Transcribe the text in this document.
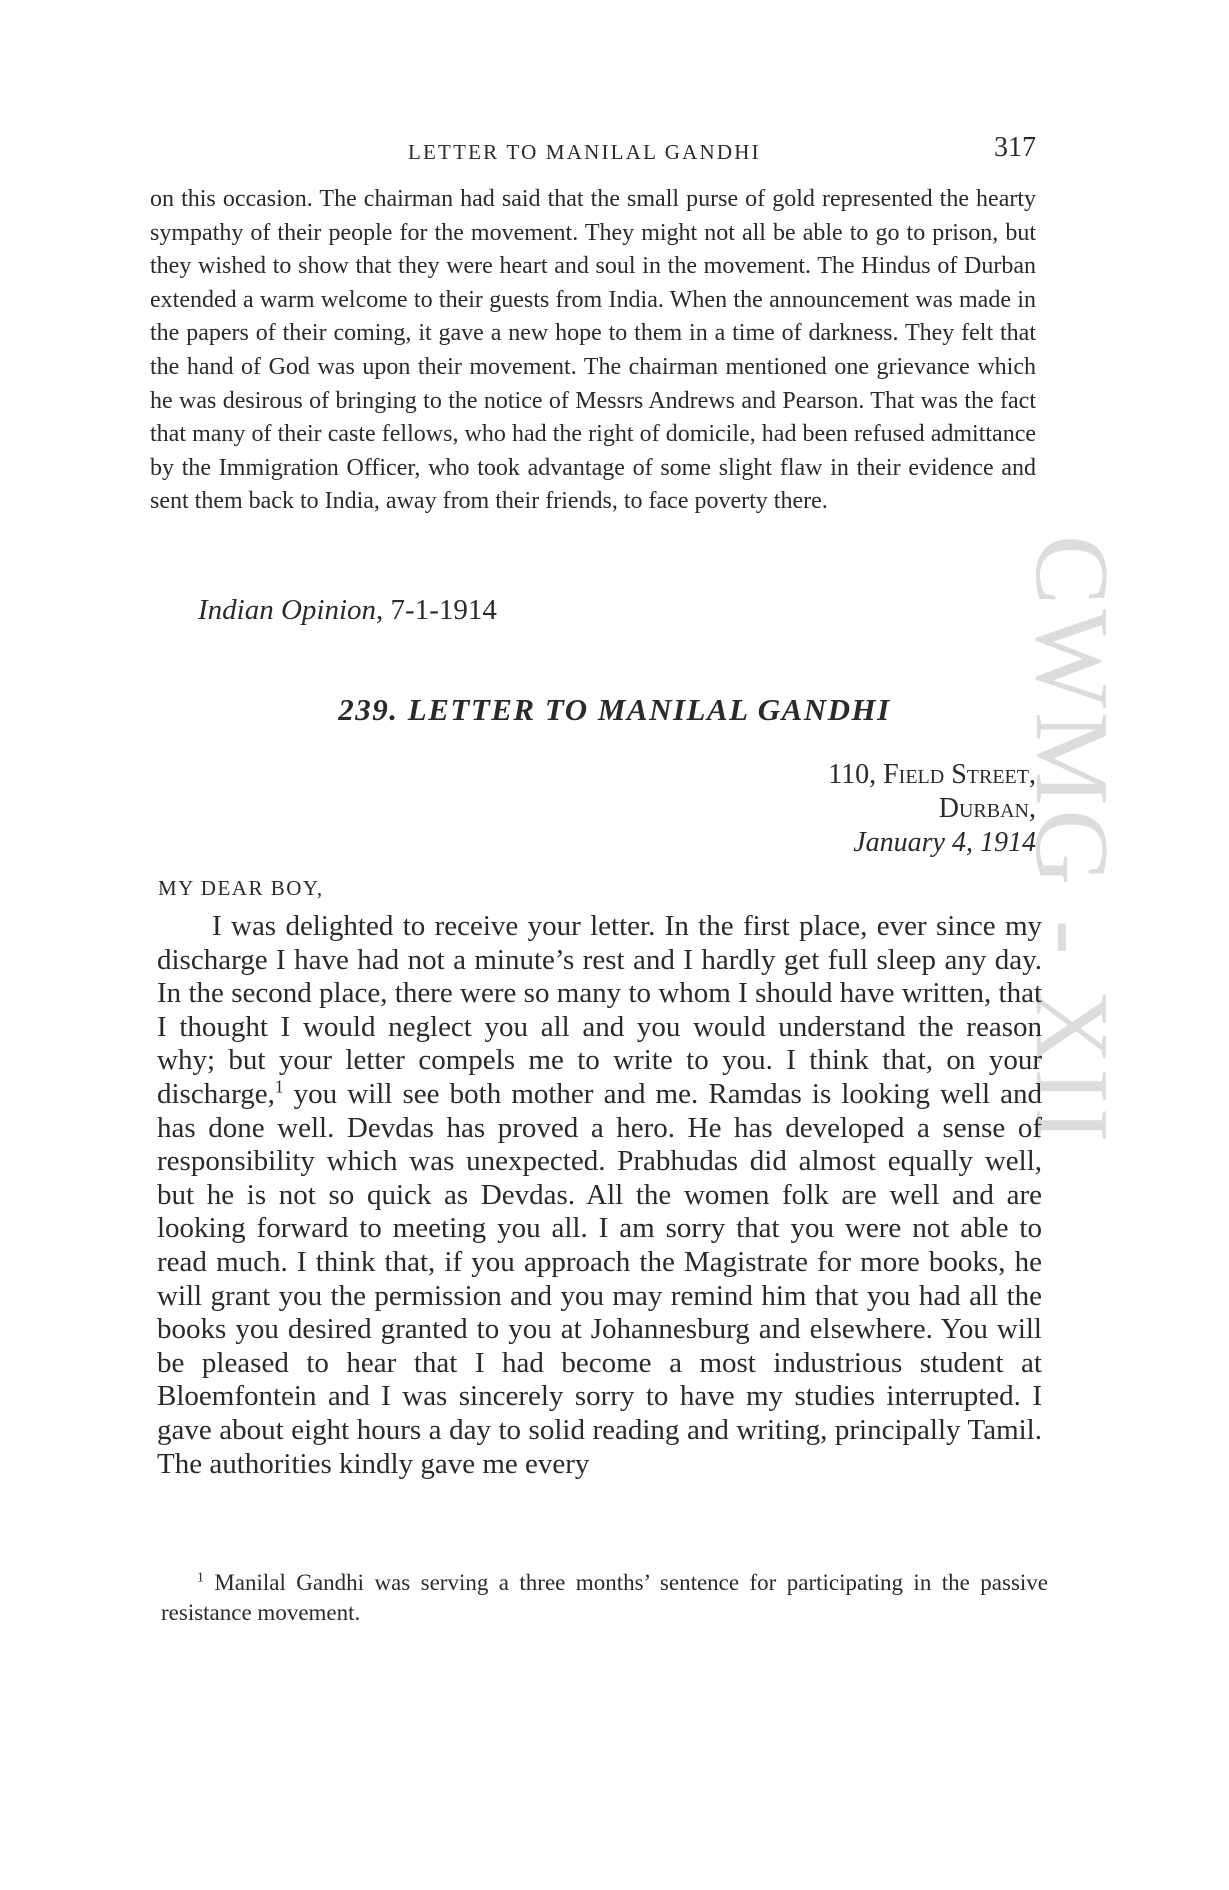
CWMG - XII
LETTER TO MANILAL GANDHI	317

on this occasion. The chairman had said that the small purse of gold represented the hearty sympathy of their people for the movement. They might not all be able to go to prison, but they wished to show that they were heart and soul in the movement. The Hindus of Durban extended a warm welcome to their guests from India. When the announcement was made in the papers of their coming, it gave a new hope to them in a time of darkness. They felt that the hand of God was upon their movement. The chairman mentioned one grievance which he was desirous of bringing to the notice of Messrs Andrews and Pearson. That was the fact that many of their caste fellows, who had the right of domicile, had been refused admittance by the Immigration Officer, who took advantage of some slight flaw in their evidence and sent them back to India, away from their friends, to face poverty there.

Indian Opinion, 7-1-1914

239. LETTER TO MANILAL GANDHI
110, Field Street,
Durban,
January 4, 1914
MY DEAR BOY,

I was delighted to receive your letter. In the first place, ever since my discharge I have had not a minute’s rest and I hardly get full sleep any day. In the second place, there were so many to whom I should have written, that I thought I would neglect you all and you would understand the reason why; but your letter compels me to write to you. I think that, on your discharge,$^1$ you will see both mother and me. Ramdas is looking well and has done well. Devdas has proved a hero. He has developed a sense of responsibility which was unexpected. Prabhudas did almost equally well, but he is not so quick as Devdas. All the women folk are well and are looking forward to meeting you all. I am sorry that you were not able to read much. I think that, if you approach the Magistrate for more books, he will grant you the permission and you may remind him that you had all the books you desired granted to you at Johannesburg and elsewhere. You will be pleased to hear that I had become a most industrious student at Bloemfontein and I was sincerely sorry to have my studies interrupted. I gave about eight hours a day to solid reading and writing, principally Tamil. The authorities kindly gave me every

$^1$ Manilal Gandhi was serving a three months’ sentence for participating in the passive resistance movement.
